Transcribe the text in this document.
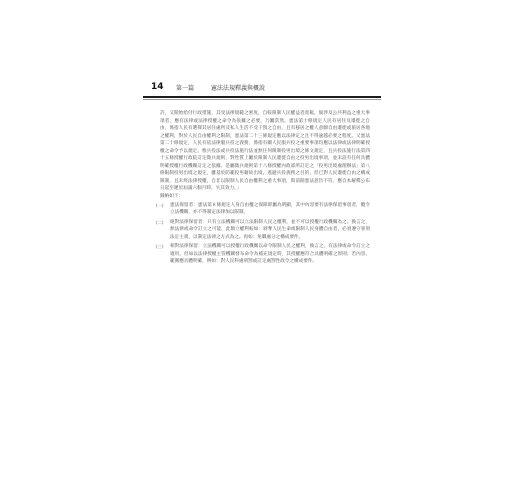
14 第一篇	憲法法規釋義與概說

許，又開始給付行政措施，其受法律規範之密度，自較限制人民權益者寬鬆，倘涉及公共利益之重大事項者，應有法律或法律授權之命令為依據之必要，乃屬當然。憲法第十條規定人民有居住及遷徙之自由，係指人民有選擇其居住處所及私人生活不受干預之自由，且有移居之權人意願自由遷徙或旅居各地之權利，對於人民自由權利之限制，憲法第二十三條規定應以法律定之且不得逾越必要之程度。又憲法第二十條規定，人民有依法律服兵役之義務，係指有關人民服兵役之重要事項均應以法律或法律明確授權之命令予以規定。惟兵役法或兵役法施行法並無任何限制役男出境之條文規定，且兵役法施行法第四十五條授權行政院訂定徵兵規則，對性質上屬於限制人民遷徙自由之役男出境事項，並未設有任何具體明確授權行政機關訂定之依據。是屬徵兵規則第十八條授權內政部所訂定之「役男出境處理辦法」第八條限制役男出境之規定，雖基於防範役男藉故出境，逃避兵役義務之目的，但已對人民遷徙自由之構成限制，且未經法律授權，自非以限制人民自由權利之重大事項，與前開憲法意旨不符。應自本解釋公布日起至遲於屆滿六個月時，失其效力。」

歸納如下：

(一) 憲法保留者：憲法第８條規定人身自由權之保障即屬為明顯，其中內容要有法律保留事項者，縱令立法機關，亦不得制定法律加以限制。
(二) 絕對法律保留者：只有立法機關可以立法限制人民之權利，並不可以授權行政機關為之。換言之，無法律或命令訂立之可能，此類立權利較如：剝奪人民生命或限制人民身體自由者，必須遵守罪刑法定主義，以制定法律之方式為之。再如：免職處分之構成要件。
(三) 相對法律保留：立法機關可以授權行政機關以命令限制人民之權利，換言之，有法律或命令訂立之適用，但如以法律授權主管機關發布命令為補充規定時，其授權應符合具體明確之原則；若內容、範圍應具體明確，例如：對人民科處刑罰或訂定處罰性政令之構成要件。
